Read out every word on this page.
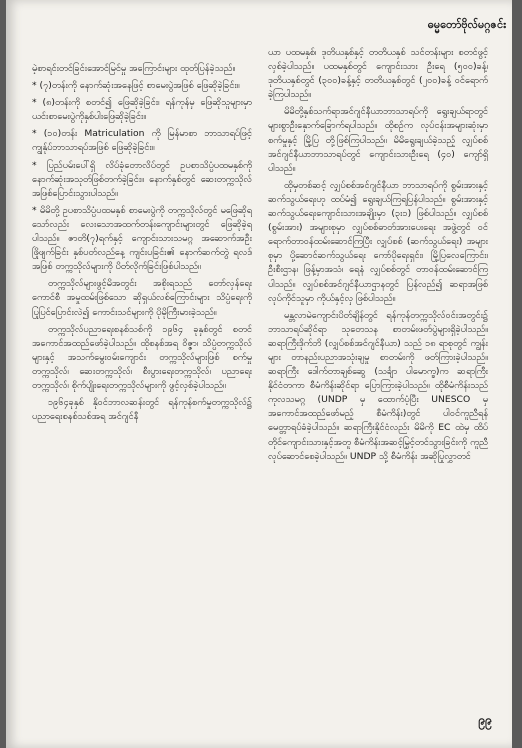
ဓမ္မတော်ဗိုလ်မဂ္ဂဇင်း

မဲ့စာရင်းတင်ခြင်းအောင်မြင်မှု အကြောင်းများ ထုတ်ပြန်ခဲ့သည်။

* (၇)တန်းကို နောက်ဆုံးအနေဖြင့် စာမေးပွဲအဖြစ် ဖြေဆိုခဲ့ခြင်း။

* (၈)တန်းကို စတင်၍ ဖြေဆိုခဲ့ခြင်း၊ ရန်ကုန်မှ ဖြေဆိုသူများမှာ ယင်းစာမေးပွဲကိုနှစ်ပါးဖြေဆိုခဲ့ခြင်း။

* (၁၀)တန်း Matriculation ကို မြန်မာစာ ဘာသာရပ်ဖြင့် ကျွန်ုပ်ဘာသာရပ်အဖြစ် ဖြေဆိုခဲ့ခြင်း။

* ပြည်ပမ်းပေါ်ရှိ လိပ်ခုံတောလိပ်တွင် ဥပစာသိပ္ပံပထမနှစ်ကို နောက်ဆုံးအသုတ်ဖြစ်တက်ခဲ့ခြင်း။ နောက်နှစ်တွင် ဆေးတက္ကသိုလ်အဖြစ်ပြောင်းသွားပါသည်။

* မိမိတို့ ဥပစာသိပ္ပံပထမနှစ် စာမေးပွဲကို တက္ကသိုလ်တွင် မဖြေဆိုရသော်လည်း လေးသောအထက်တန်းကျောင်းများတွင် ဖြေဆိုခဲ့ရပါသည်။ ဇာတိ(၇)ရက်နှင့် ကျောင်းသားသမဂ္ဂ အဆောက်အဦးဖြိုဖျက်ခြင်း နှစ်ပတ်လည်နေ့ ကျင်းပခြင်း၏ နောက်ဆက်တွဲ ရလဒ်အဖြစ် တက္ကသိုလ်များကို ပိတ်လိုက်ခြင်းဖြစ်ပါသည်။

တက္ကသိုလ်များဖွင့်မိအတွင်း အစိုးရသည် တော်လှန်ရေးကောင်စီ အမှုထမ်းဖြစ်သော ဆိုရှယ်လစ်ကြောင်းများ သိပ္ပံရေးကို ပြုပြင်ပြောင်းလဲ၍ ကောင်းသင်များကို ပိုမိုကြီးမားခဲ့သည်။

တက္ကသိုလ်ပညာရေးစနစ်သစ်ကို ၁၉၆၄ ခုနှစ်တွင် စတင်အကောင်အထည်ဖော်ခဲ့ပါသည်။ ထိုစနစ်အရ ဝိဇ္ဇာ၊ သိပ္ပံတက္ကသိုလ်များနှင့် အသက်မွေးဝမ်းကျောင်း တက္ကသိုလ်များဖြစ် စက်မှုတက္ကသိုလ်၊ ဆေးတက္ကသိုလ်၊ စီးပွားရေးတက္ကသိုလ်၊ ပညာရေးတက္ကသိုလ်၊ စိုက်ပျိုးရေးတက္ကသိုလ်များကို ဖွင့်လှစ်ခဲ့ပါသည်။

၁၉၆၄ခုနှစ် နိုဝင်ဘာလဆန်းတွင် ရန်ကုန်စက်မှုတက္ကသိုလ်၌ ပညာရေးစနစ်သစ်အရ အင်ဂျင်နီ

ယာ ပထမနှစ်၊ ဒုတိယနှစ်နှင့် တတိယနှစ် သင်တန်းများ စတင်ဖွင့်လှစ်ခဲ့ပါသည်။ ပထမနှစ်တွင် ကျောင်းသား ဦးရေ (၅၀၀)ခန့်၊ ဒုတိယနှစ်တွင် (၃၀၀)ခန့်နှင့် တတိယနှစ်တွင် (၂၀၀)ခန့် ဝင်ရောက်ခဲ့ကြပါသည်။

မိမိတို့နှစ်သက်ရာအင်ဂျင်နီယာဘာသာရပ်ကို ရွေးချယ်ရာတွင် များစွာဦးနှောက်ခြောက်ရပါသည်။ ထိုစဉ်က လုပ်ငန်းအများဆုံးမှာ စက်မှုနှင့် မြို့ပြ တို့ဖြစ်ကြပါသည်။ မိမိရွေးချယ်ခဲ့သည့် လျှပ်စစ်အင်ဂျင်နီယာဘာသာရပ်တွင် ကျောင်းသားဦးရေ (၄၀) ကျော်ရှိပါသည်။

ထိုမှတစ်ဆင့် လျှပ်စစ်အင်ဂျင်နီယာ ဘာသာရပ်ကို စွမ်းအားနှင့် ဆက်သွယ်ရေးဟု ထပ်မံ၍ ရွေးချယ်ကြရပြန်ပါသည်။ စွမ်းအားနှင့် ဆက်သွယ်ရေးကျောင်းသားအချိုးမှာ (၃း၁) ဖြစ်ပါသည်။ လျှပ်စစ် (စွမ်းအား) အများစုမှာ လျှပ်စစ်ဓာတ်အားပေးရေး အဖွဲ့တွင် ဝင်ရောက်တာဝန်ထမ်းဆောင်ကြပြီး လျှပ်စစ် (ဆက်သွယ်ရေး) အများစုမှာ ပို့ဆောင်ဆက်သွယ်ရေး ကော်ပိုရေးရှင်း၊ မြို့ပြလေကြောင်း၊ ဦးစီးဌာန၊ ဖြန့်မှာအသံ၊ ရေနံ လျှပ်စစ်တွင် တာဝန်ထမ်းဆောင်ကြပါသည်။ လျှပ်စစ်အင်ဂျင်နီယာဌာနတွင် ပြန်လည်၍ ဆရာအဖြစ်လုပ်ကိုင်သူမှာ ကိုယ်နှင့်လှ ဖြစ်ပါသည်။

မန္တလာမဲကျောင်းပိတ်ချိန်တွင် ရန်ကုန်တက္ကသိုလ်ဝင်းအတွင်း၌ ဘာသာရပ်ဆိုင်ရာ သုတေသန စာတမ်းဖတ်ပွဲများရှိခဲ့ပါသည်။ ဆရာကြီးဒိုက်ဘိ (လျှပ်စစ်အင်ဂျင်နီယာ) သည် ၁၈ ရာစုတွင် ကျွန်းများ တာနည်းပညာအသုံးချမှု စာတမ်းကို ဖတ်ကြားခဲ့ပါသည်။ ဆရာကြီး ဒေါက်တာချစ်ဆွေ (သင်္ချာ ပါမောက္ခ)က ဆရာကြီးနိုင်ငံတကာ စီမံကိန်းဆိုင်ရာ ပြောကြားခဲ့ပါသည်။ ထိုစီမံကိန်းသည် ကုလသမဂ္ဂ (UNDP မှ ထောက်ပံ့ပြီး UNESCO မှ အကောင်အထည်ဖော်မည့် စီမံကိန်း)တွင် ပါဝင်ကူညီရန် မေတ္တာရပ်ခံခဲ့ပါသည်။ ဆရာကြီးနိုင်ငံလည်း မိမိကို EC ထဲမှ ထိပ်တိုင်ကျောင်းသားနှင့်အတူ စီမံကိန်းအဆင့်မြှင့်တင်သွားခြင်းကို ကူညီလုပ်ဆောင်စေခဲ့ပါသည်။ UNDP သို့ စီမံကိန်း အဆိုပြုလွှာတင်

၉၉
